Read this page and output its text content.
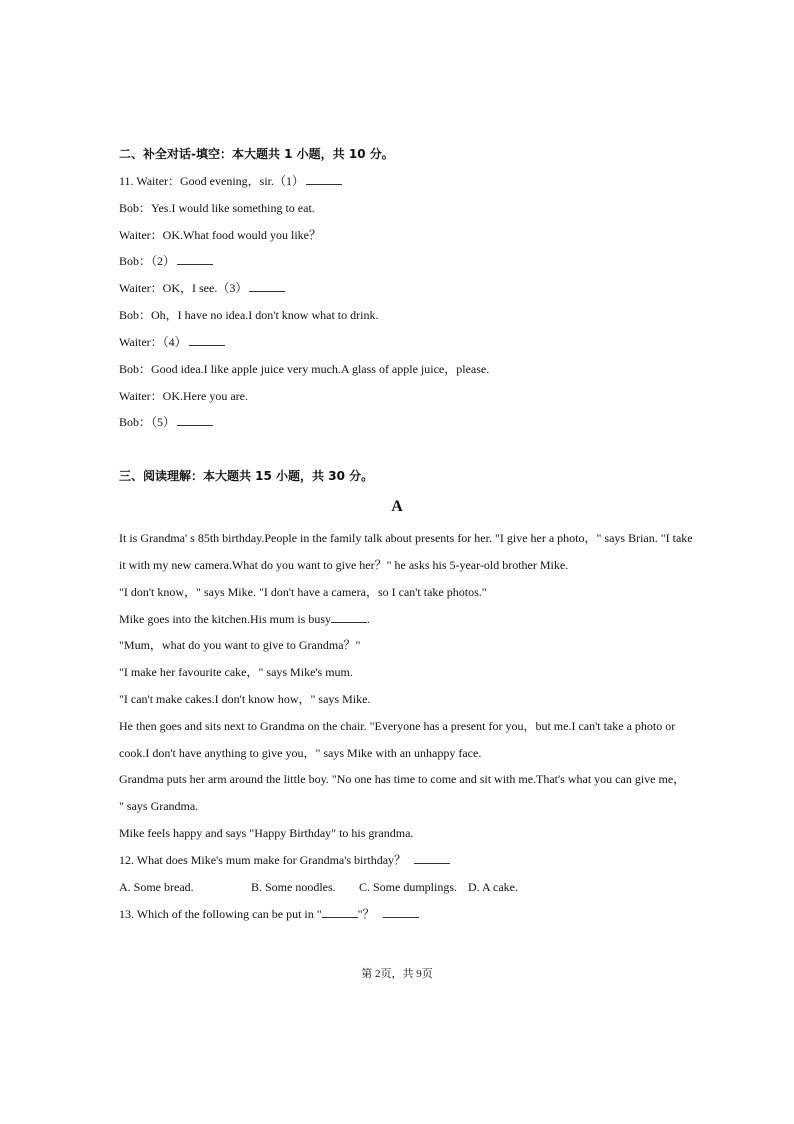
二、补全对话-填空：本大题共 1 小题，共 10 分。
11. Waiter：Good evening，sir.（1）
Bob：Yes.I would like something to eat.
Waiter：OK.What food would you like？
Bob：（2）
Waiter：OK，I see.（3）
Bob：Oh，I have no idea.I don't know what to drink.
Waiter：（4）
Bob：Good idea.I like apple juice very much.A glass of apple juice，please.
Waiter：OK.Here you are.
Bob：（5）
三、阅读理解：本大题共 15 小题，共 30 分。
A
It is Grandma' s 85th birthday.People in the family talk about presents for her. "I give her a photo，" says Brian. "I take
it with my new camera.What do you want to give her？" he asks his 5-year-old brother Mike.
"I don't know，" says Mike. "I don't have a camera，so I can't take photos."
Mike goes into the kitchen.His mum is busy	.
"Mum，what do you want to give to Grandma？"
"I make her favourite cake，" says Mike's mum.
"I can't make cakes.I don't know how，" says Mike.
He then goes and sits next to Grandma on the chair. "Everyone has a present for you，but me.I can't take a photo or
cook.I don't have anything to give you，" says Mike with an unhappy face.
Grandma puts her arm around the little boy. "No one has time to come and sit with me.That's what you can give me，
" says Grandma.
Mike feels happy and says "Happy Birthday" to his grandma.
12. What does Mike's mum make for Grandma's birthday？
A. Some bread.	B. Some noodles. C. Some dumplings. D. A cake.
13. Which of the following can be put in "	"？
第 2页，共 9页
